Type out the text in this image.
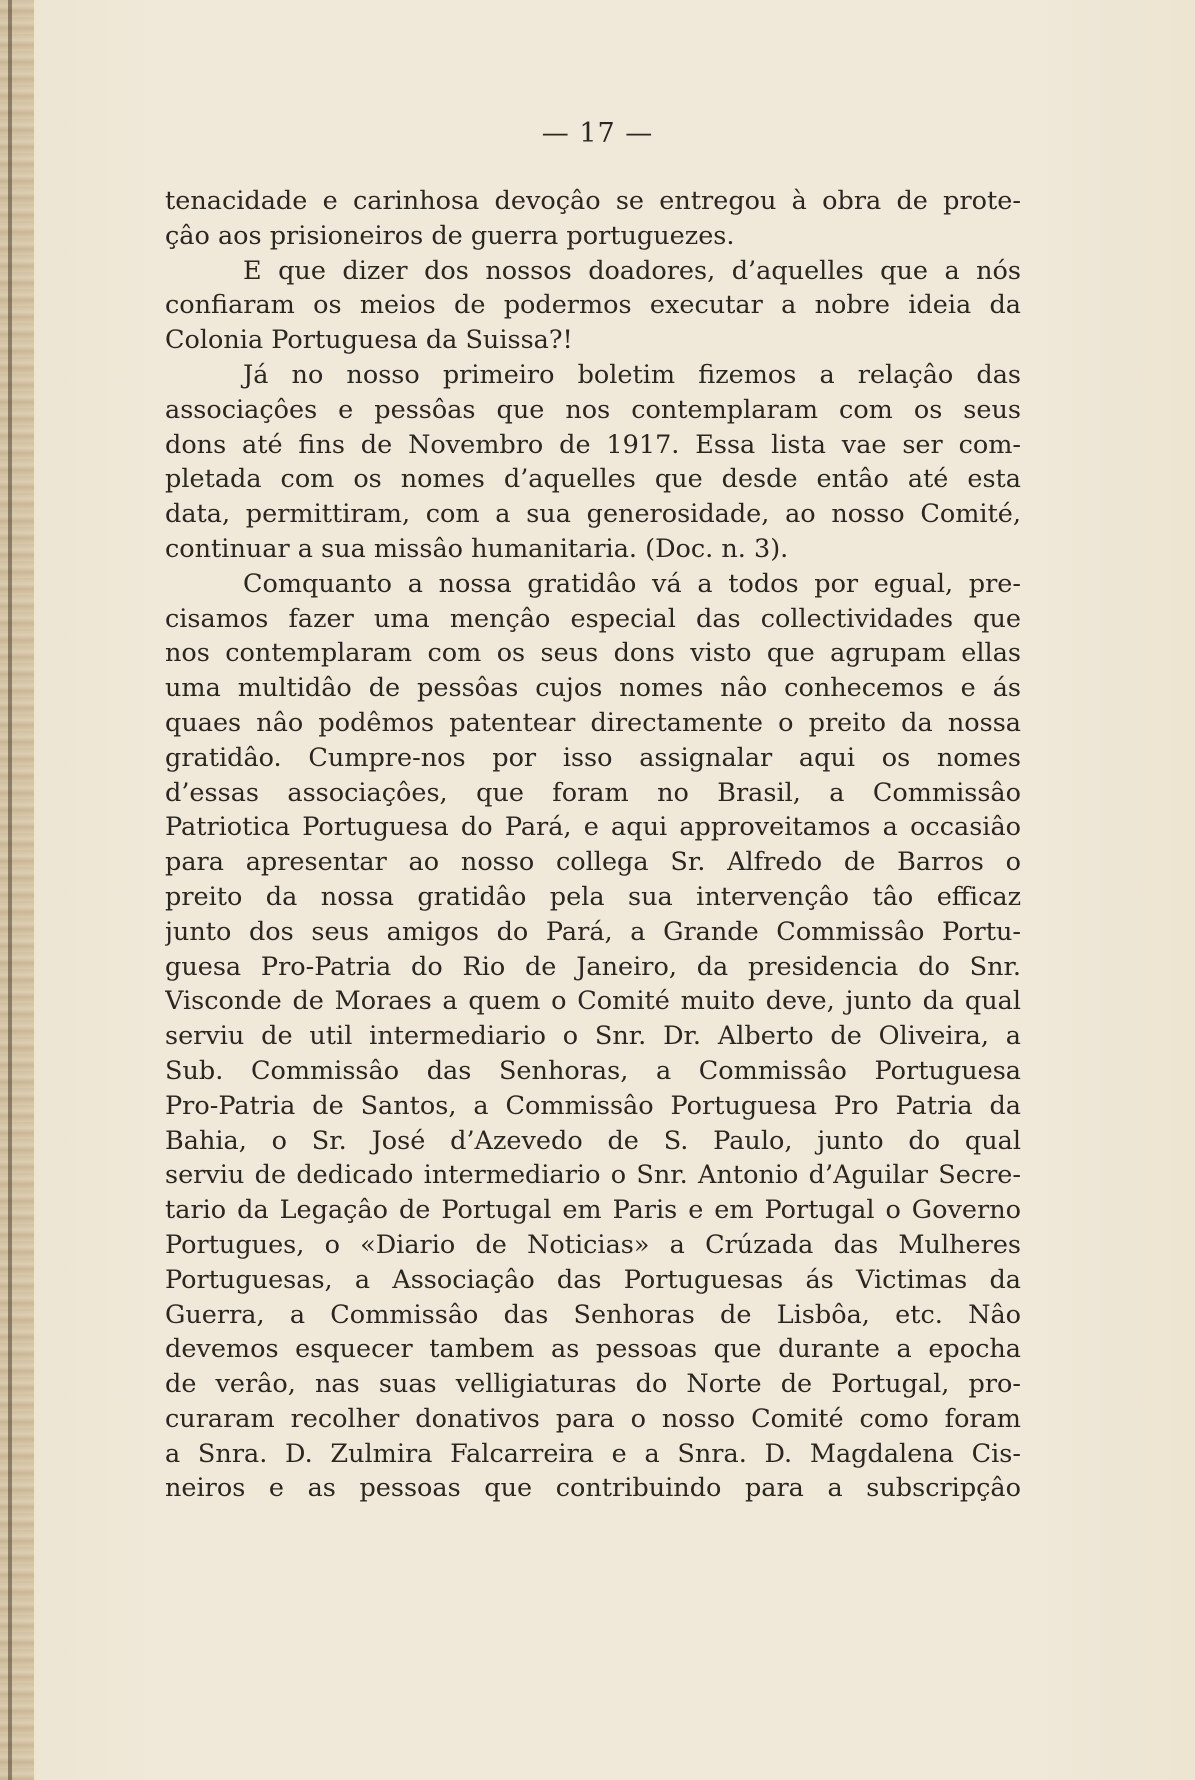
— 17 —
tenacidade e carinhosa devoçâo se entregou à obra de prote-
çâo aos prisioneiros de guerra portuguezes.
E que dizer dos nossos doadores, d’aquelles que a nós
confiaram os meios de podermos executar a nobre ideia da
Colonia Portuguesa da Suissa?!
Já no nosso primeiro boletim fizemos a relaçâo das
associaçôes e pessôas que nos contemplaram com os seus
dons até fins de Novembro de 1917. Essa lista vae ser com-
pletada com os nomes d’aquelles que desde entâo até esta
data, permittiram, com a sua generosidade, ao nosso Comité,
continuar a sua missâo humanitaria. (Doc. n. 3).
Comquanto a nossa gratidâo vá a todos por egual, pre-
cisamos fazer uma mençâo especial das collectividades que
nos contemplaram com os seus dons visto que agrupam ellas
uma multidâo de pessôas cujos nomes nâo conhecemos e ás
quaes nâo podêmos patentear directamente o preito da nossa
gratidâo. Cumpre-nos por isso assignalar aqui os nomes
d’essas associaçôes, que foram no Brasil, a Commissâo
Patriotica Portuguesa do Pará, e aqui approveitamos a occasiâo
para apresentar ao nosso collega Sr. Alfredo de Barros o
preito da nossa gratidâo pela sua intervençâo tâo efficaz
junto dos seus amigos do Pará, a Grande Commissâo Portu-
guesa Pro-Patria do Rio de Janeiro, da presidencia do Snr.
Visconde de Moraes a quem o Comité muito deve, junto da qual
serviu de util intermediario o Snr. Dr. Alberto de Oliveira, a
Sub. Commissâo das Senhoras, a Commissâo Portuguesa
Pro-Patria de Santos, a Commissâo Portuguesa Pro Patria da
Bahia, o Sr. José d’Azevedo de S. Paulo, junto do qual
serviu de dedicado intermediario o Snr. Antonio d’Aguilar Secre-
tario da Legaçâo de Portugal em Paris e em Portugal o Governo
Portugues, o «Diario de Noticias» a Crúzada das Mulheres
Portuguesas, a Associaçâo das Portuguesas ás Victimas da
Guerra, a Commissâo das Senhoras de Lisbôa, etc. Nâo
devemos esquecer tambem as pessoas que durante a epocha
de verâo, nas suas velligiaturas do Norte de Portugal, pro-
curaram recolher donativos para o nosso Comité como foram
a Snra. D. Zulmira Falcarreira e a Snra. D. Magdalena Cis-
neiros e as pessoas que contribuindo para a subscripçâo
